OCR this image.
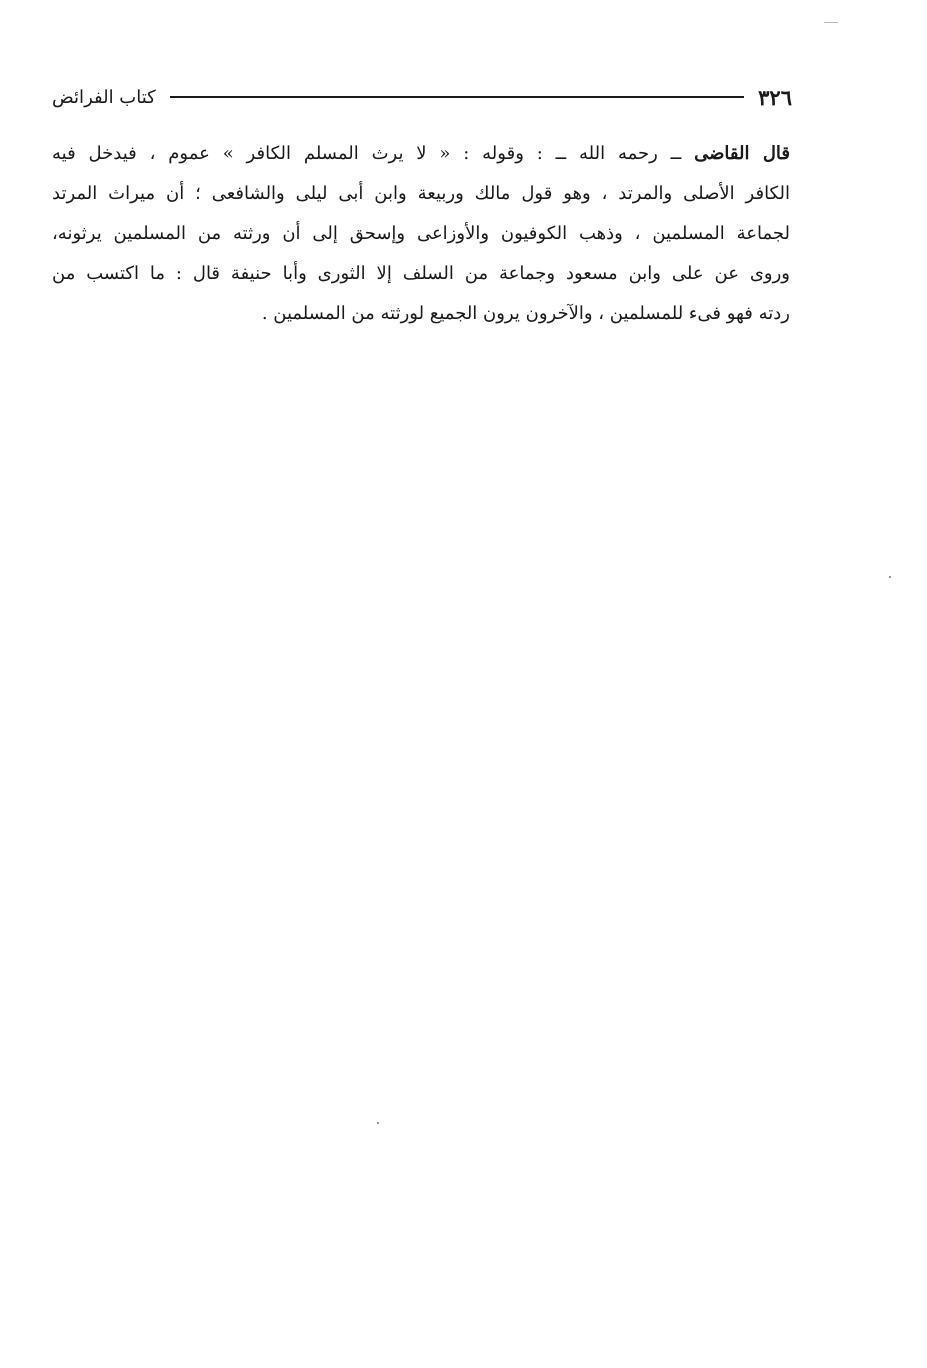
٣٢٦
كتاب الفرائض
قال القاضى ــ رحمه الله ــ : وقوله : « لا يرث المسلم الكافر » عموم ، فيدخل فيه
الكافر الأصلى والمرتد ، وهو قول مالك وربيعة وابن أبى ليلى والشافعى ؛ أن ميراث المرتد
لجماعة المسلمين ، وذهب الكوفيون والأوزاعى وإسحق إلى أن ورثته من المسلمين يرثونه،
وروى عن على وابن مسعود وجماعة من السلف إلا الثورى وأبا حنيفة قال : ما اكتسب من
ردته فهو فىء للمسلمين ، والآخرون يرون الجميع لورثته من المسلمين .
